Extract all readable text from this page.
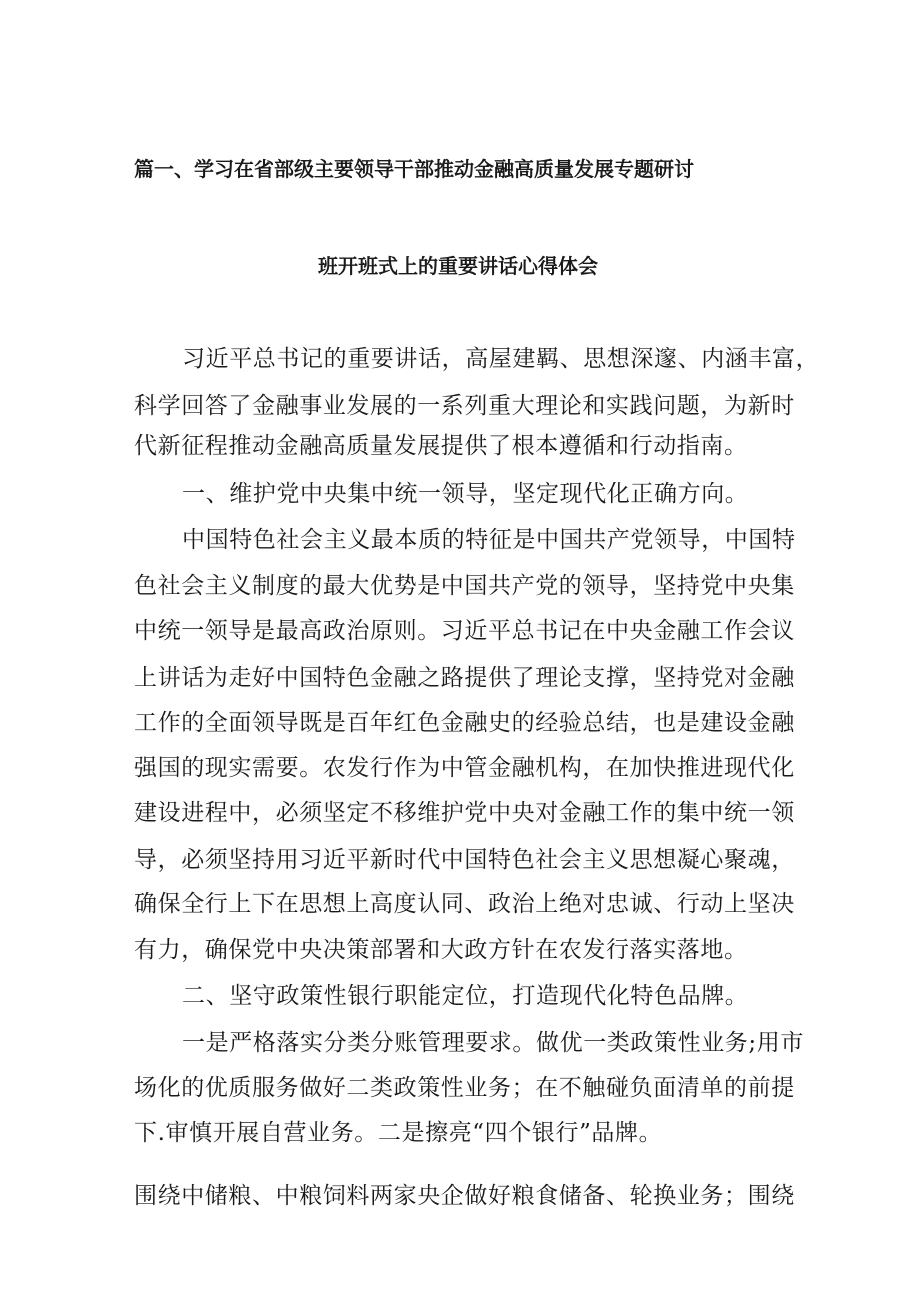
篇一、学习在省部级主要领导干部推动金融高质量发展专题研讨
班开班式上的重要讲话心得体会
习近平总书记的重要讲话，高屋建羁、思想深邃、内涵丰富，
科学回答了金融事业发展的一系列重大理论和实践问题，为新时
代新征程推动金融高质量发展提供了根本遵循和行动指南。
一、维护党中央集中统一领导，坚定现代化正确方向。
中国特色社会主义最本质的特征是中国共产党领导，中国特
色社会主义制度的最大优势是中国共产党的领导，坚持党中央集
中统一领导是最高政治原则。习近平总书记在中央金融工作会议
上讲话为走好中国特色金融之路提供了理论支撑，坚持党对金融
工作的全面领导既是百年红色金融史的经验总结，也是建设金融
强国的现实需要。农发行作为中管金融机构，在加快推进现代化
建设进程中，必须坚定不移维护党中央对金融工作的集中统一领
导，必须坚持用习近平新时代中国特色社会主义思想凝心聚魂，
确保全行上下在思想上高度认同、政治上绝对忠诚、行动上坚决
有力，确保党中央决策部署和大政方针在农发行落实落地。
二、坚守政策性银行职能定位，打造现代化特色品牌。
一是严格落实分类分账管理要求。做优一类政策性业务;用市
场化的优质服务做好二类政策性业务；在不触碰负面清单的前提
下.审慎开展自营业务。二是擦亮“四个银行”品牌。
围绕中储粮、中粮饲料两家央企做好粮食储备、轮换业务；围绕
